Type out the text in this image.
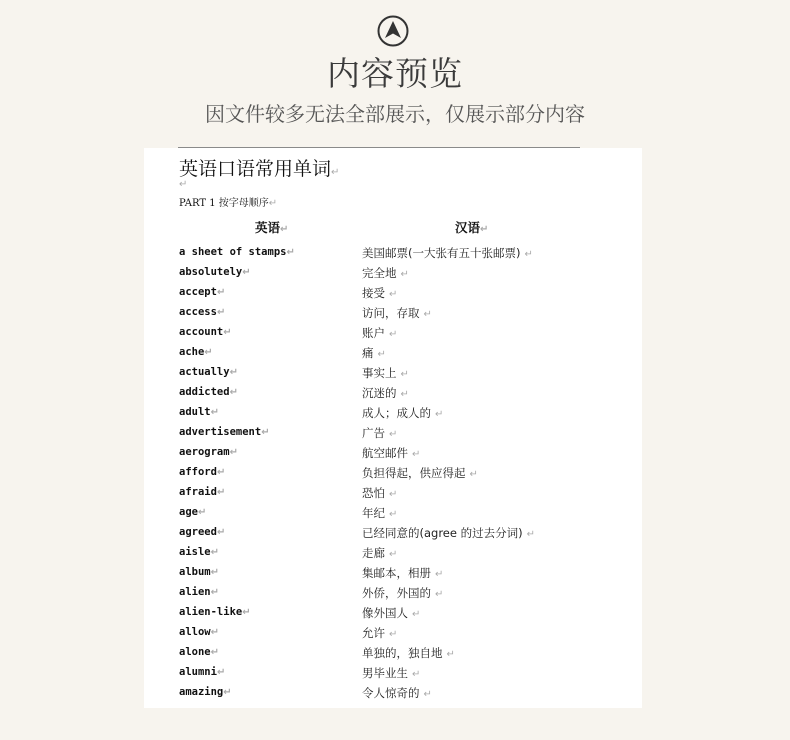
内容预览
因文件较多无法全部展示，仅展示部分内容
英语口语常用单词↵
↵
PART 1 按字母顺序↵
英语↵	汉语↵
a sheet of stamps↵	美国邮票(一大张有五十张邮票) ↵
absolutely↵	完全地 ↵
accept↵	接受 ↵
access↵	访问，存取 ↵
account↵	账户 ↵
ache↵	痛 ↵
actually↵	事实上 ↵
addicted↵	沉迷的 ↵
adult↵	成人；成人的 ↵
advertisement↵	广告 ↵
aerogram↵	航空邮件 ↵
afford↵	负担得起，供应得起 ↵
afraid↵	恐怕 ↵
age↵	年纪 ↵
agreed↵	已经同意的(agree 的过去分词) ↵
aisle↵	走廊 ↵
album↵	集邮本，相册 ↵
alien↵	外侨，外国的 ↵
alien-like↵	像外国人 ↵
allow↵	允许 ↵
alone↵	单独的，独自地 ↵
alumni↵	男毕业生 ↵
amazing↵	令人惊奇的 ↵
